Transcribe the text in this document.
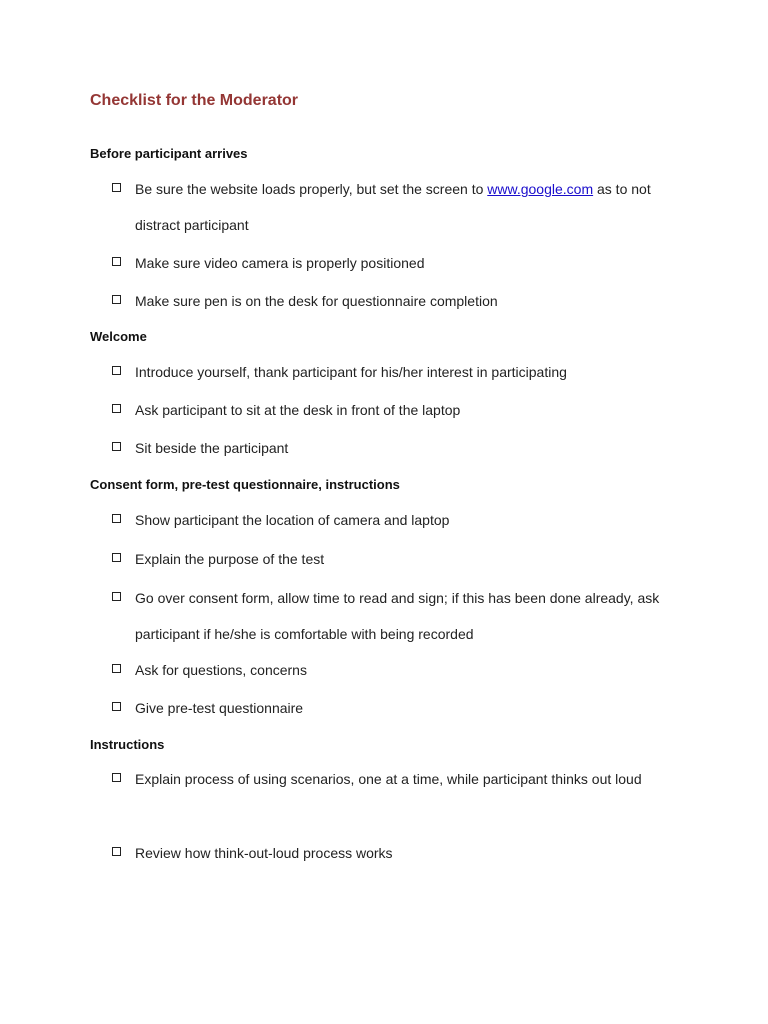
Checklist for the Moderator
Before participant arrives
Be sure the website loads properly, but set the screen to www.google.com as to not distract participant
Make sure video camera is properly positioned
Make sure pen is on the desk for questionnaire completion
Welcome
Introduce yourself, thank participant for his/her interest in participating
Ask participant to sit at the desk in front of the laptop
Sit beside the participant
Consent form, pre-test questionnaire, instructions
Show participant the location of camera and laptop
Explain the purpose of the test
Go over consent form, allow time to read and sign; if this has been done already, ask participant if he/she is comfortable with being recorded
Ask for questions, concerns
Give pre-test questionnaire
Instructions
Explain process of using scenarios, one at a time, while participant thinks out loud
Review how think-out-loud process works
